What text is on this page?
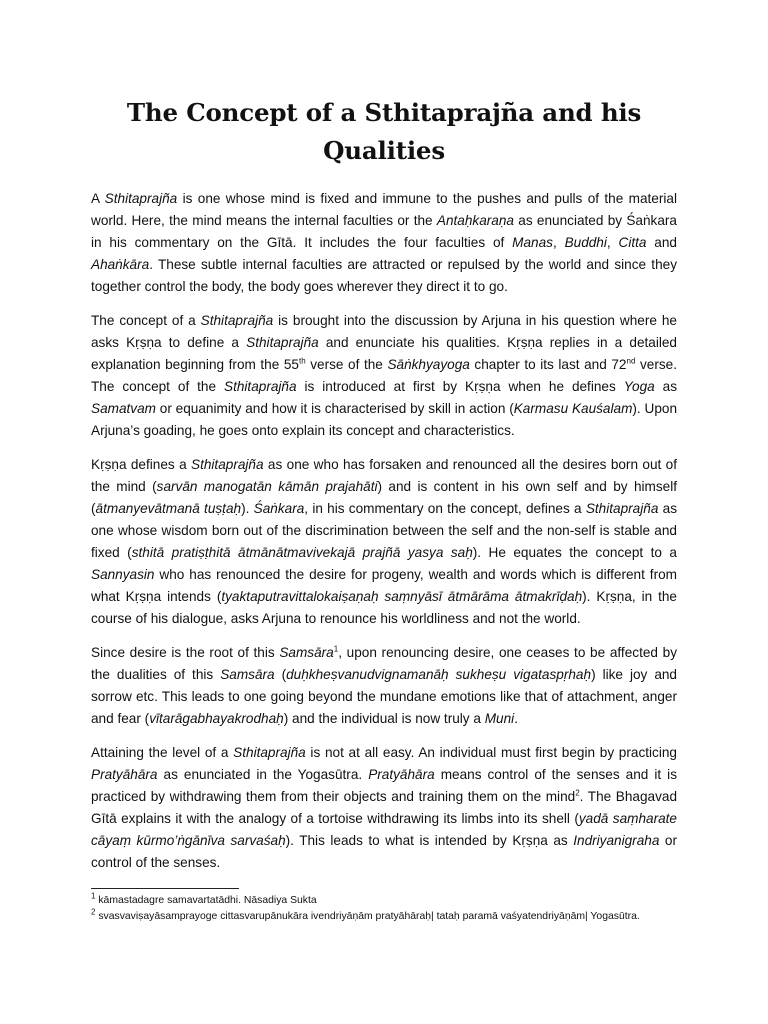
The Concept of a Sthitaprajña and his Qualities

A Sthitaprajña is one whose mind is fixed and immune to the pushes and pulls of the material world. Here, the mind means the internal faculties or the Antaḥkaraṇa as enunciated by Śaṅkara in his commentary on the Gītā. It includes the four faculties of Manas, Buddhi, Citta and Ahaṅkāra. These subtle internal faculties are attracted or repulsed by the world and since they together control the body, the body goes wherever they direct it to go.

The concept of a Sthitaprajña is brought into the discussion by Arjuna in his question where he asks Kṛṣṇa to define a Sthitaprajña and enunciate his qualities. Kṛṣṇa replies in a detailed explanation beginning from the 55th verse of the Sāṅkhyayoga chapter to its last and 72nd verse. The concept of the Sthitaprajña is introduced at first by Kṛṣṇa when he defines Yoga as Samatvam or equanimity and how it is characterised by skill in action (Karmasu Kauśalam). Upon Arjuna’s goading, he goes onto explain its concept and characteristics.

Kṛṣṇa defines a Sthitaprajña as one who has forsaken and renounced all the desires born out of the mind (sarvān manogatān kāmān prajahāti) and is content in his own self and by himself (ātmanyevātmanā tuṣṭaḥ). Śaṅkara, in his commentary on the concept, defines a Sthitaprajña as one whose wisdom born out of the discrimination between the self and the non-self is stable and fixed (sthitā pratiṣṭhitā ātmānātmavivekajā prajñā yasya saḥ). He equates the concept to a Sannyasin who has renounced the desire for progeny, wealth and words which is different from what Kṛṣṇa intends (tyaktaputravittalokaiṣaṇaḥ saṃnyāsī ātmārāma ātmakrīḍaḥ). Kṛṣṇa, in the course of his dialogue, asks Arjuna to renounce his worldliness and not the world.

Since desire is the root of this Samsāra$^1$, upon renouncing desire, one ceases to be affected by the dualities of this Samsāra (duḥkheṣvanudvignamanāḥ sukheṣu vigataspṛhaḥ) like joy and sorrow etc. This leads to one going beyond the mundane emotions like that of attachment, anger and fear (vītarāgabhayakrodhaḥ) and the individual is now truly a Muni.

Attaining the level of a Sthitaprajña is not at all easy. An individual must first begin by practicing Pratyāhāra as enunciated in the Yogasūtra. Pratyāhāra means control of the senses and it is practiced by withdrawing them from their objects and training them on the mind$^2$. The Bhagavad Gītā explains it with the analogy of a tortoise withdrawing its limbs into its shell (yadā saṃharate cāyaṃ kūrmo’ṅgānīva sarvaśaḥ). This leads to what is intended by Kṛṣṇa as Indriyanigraha or control of the senses.

$^1$ kāmastadagre samavartatādhi. Nāsadiya Sukta

$^2$ svasvaviṣayāsamprayoge cittasvarupānukāra ivendriyāṇām pratyāhāraḥ| tataḥ paramā vaśyatendriyāṇām| Yogasūtra.
